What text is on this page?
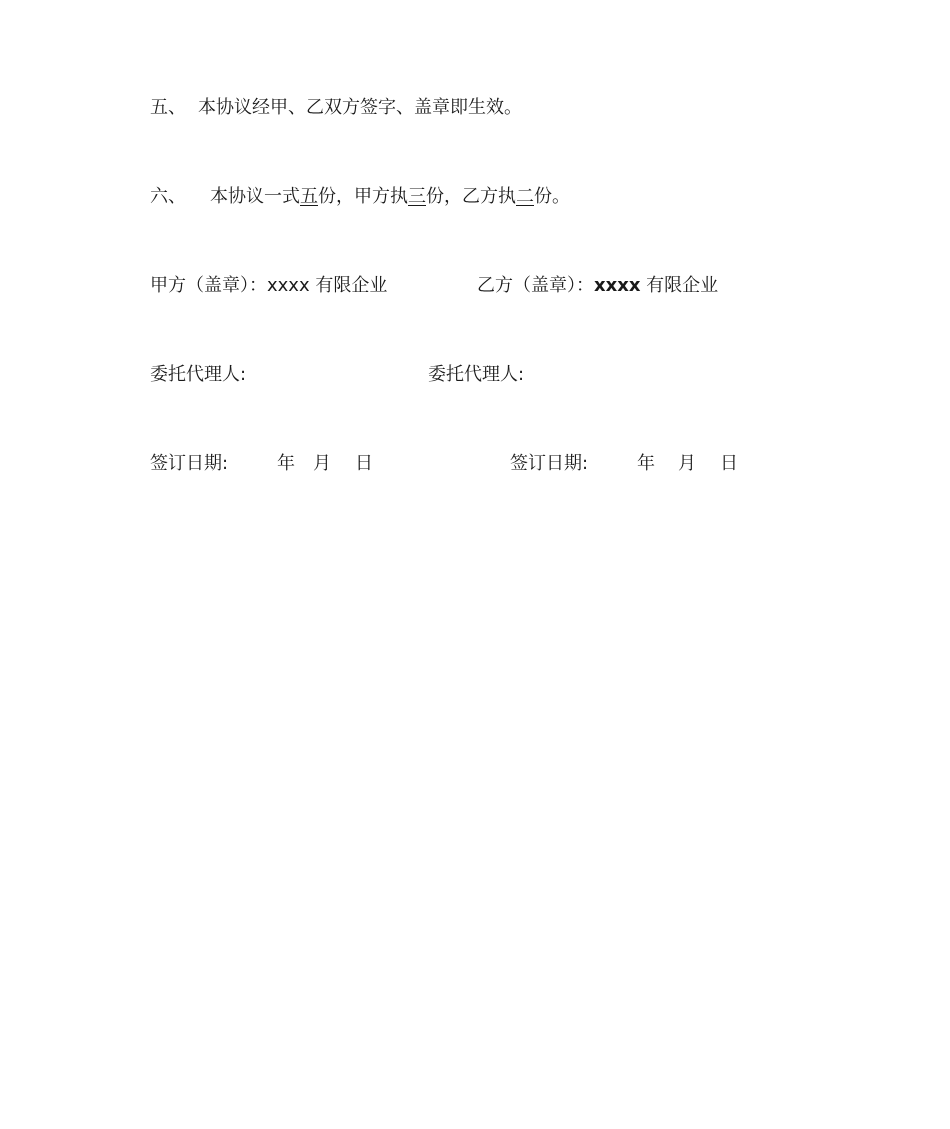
五、 本协议经甲、乙双方签字、盖章即生效。
六、 本协议一式五份，甲方执三份，乙方执二份。
甲方（盖章）：xxxx 有限企业	乙方（盖章）：xxxx 有限企业
委托代理人:	委托代理人:
签订日期:	年 月 日	签订日期:	年 月 日
